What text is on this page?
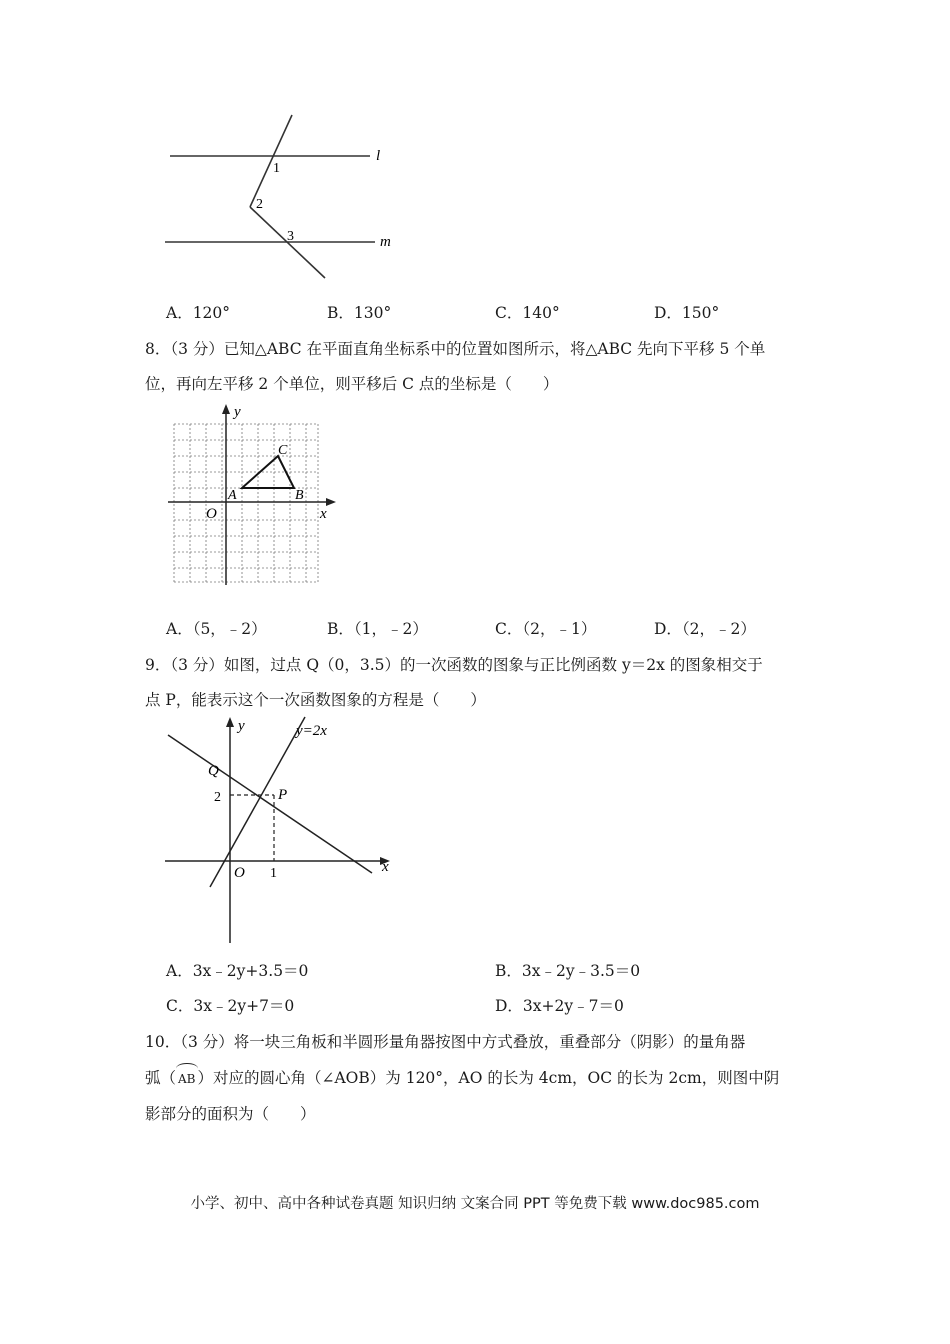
l
m
1
2
3
A．120°	B．130°	C．140°	D．150°
8．（3 分）已知△ABC 在平面直角坐标系中的位置如图所示，将△ABC 先向下平移 5 个单
位，再向左平移 2 个单位，则平移后 C 点的坐标是（　　）
y
x
O
A	B
C
A．（5，﹣2）	B．（1，﹣2）	C．（2，﹣1）	D．（2，﹣2）
9．（3 分）如图，过点 Q（0，3.5）的一次函数的图象与正比例函数 y＝2x 的图象相交于
点 P，能表示这个一次函数图象的方程是（　　）
y
x
O
Q
P
2
1
y=2x
A．3x﹣2y+3.5＝0	B．3x﹣2y﹣3.5＝0
C．3x﹣2y+7＝0	D．3x+2y﹣7＝0
10．（3 分）将一块三角板和半圆形量角器按图中方式叠放，重叠部分（阴影）的量角器
弧（ AB ）对应的圆心角（∠AOB）为 120°，AO 的长为 4cm，OC 的长为 2cm，则图中阴
影部分的面积为（　　）
小学、初中、高中各种试卷真题 知识归纳 文案合同 PPT 等免费下载 www.doc985.com
